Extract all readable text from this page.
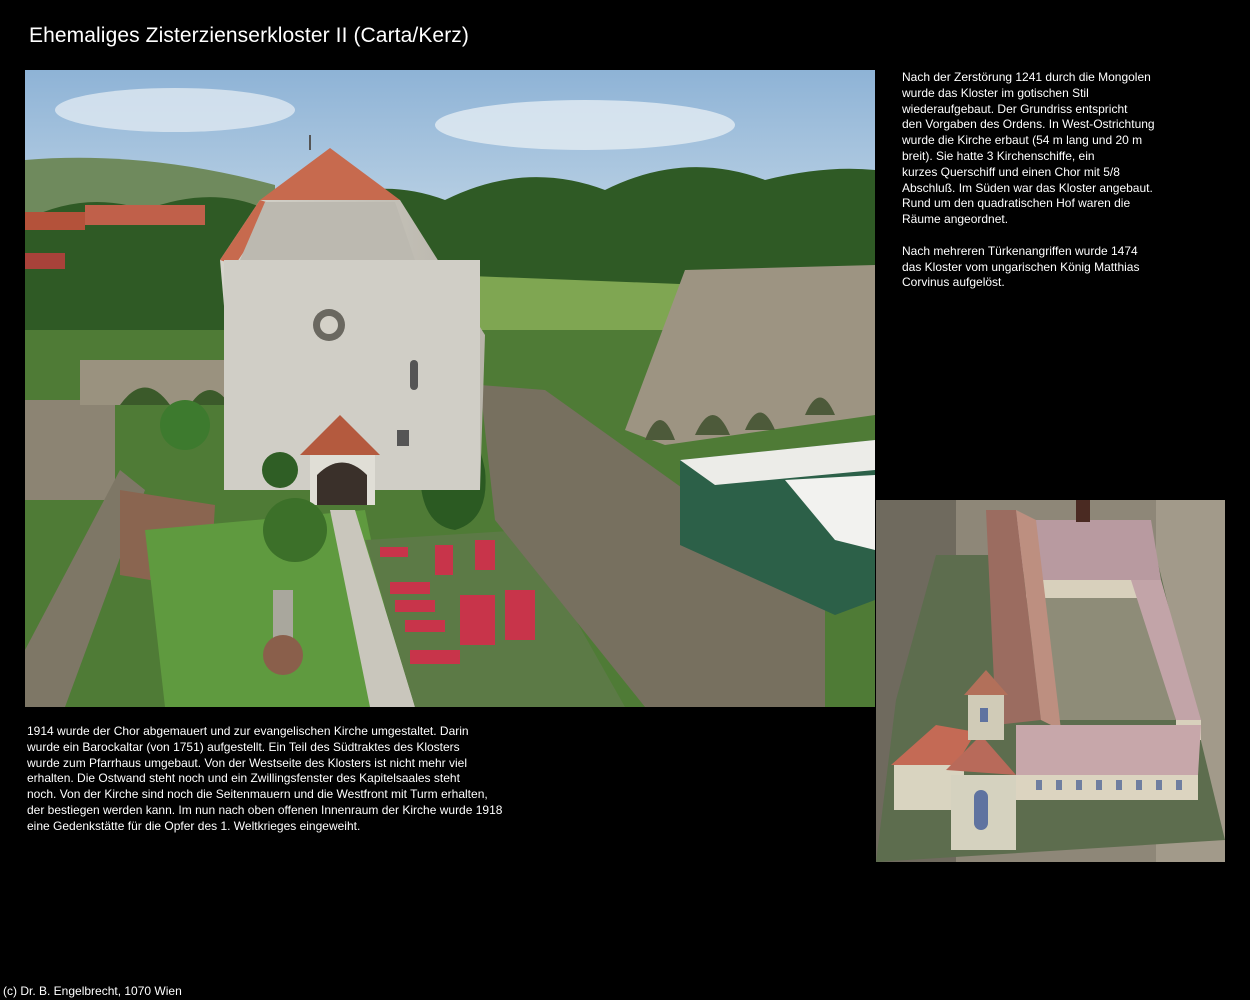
Ehemaliges Zisterzienserkloster II (Carta/Kerz)

Nach der Zerstörung 1241 durch die Mongolen
wurde das Kloster im gotischen Stil
wiederaufgebaut. Der Grundriss entspricht
den Vorgaben des Ordens. In West-Ostrichtung
wurde die Kirche erbaut (54 m lang und 20 m
breit). Sie hatte 3 Kirchenschiffe, ein
kurzes Querschiff und einen Chor mit 5/8
Abschluß. Im Süden war das Kloster angebaut.
Rund um den quadratischen Hof waren die
Räume angeordnet.

Nach mehreren Türkenangriffen wurde 1474
das Kloster vom ungarischen König Matthias
Corvinus aufgelöst.

1914 wurde der Chor abgemauert und zur evangelischen Kirche umgestaltet. Darin
wurde ein Barockaltar (von 1751) aufgestellt. Ein Teil des Südtraktes des Klosters
wurde zum Pfarrhaus umgebaut. Von der Westseite des Klosters ist nicht mehr viel
erhalten. Die Ostwand steht noch und ein Zwillingsfenster des Kapitelsaales steht
noch. Von der Kirche sind noch die Seitenmauern und die Westfront mit Turm erhalten,
der bestiegen werden kann. Im nun nach oben offenen Innenraum der Kirche wurde 1918
eine Gedenkstätte für die Opfer des 1. Weltkrieges eingeweiht.

(c) Dr. B. Engelbrecht, 1070 Wien
